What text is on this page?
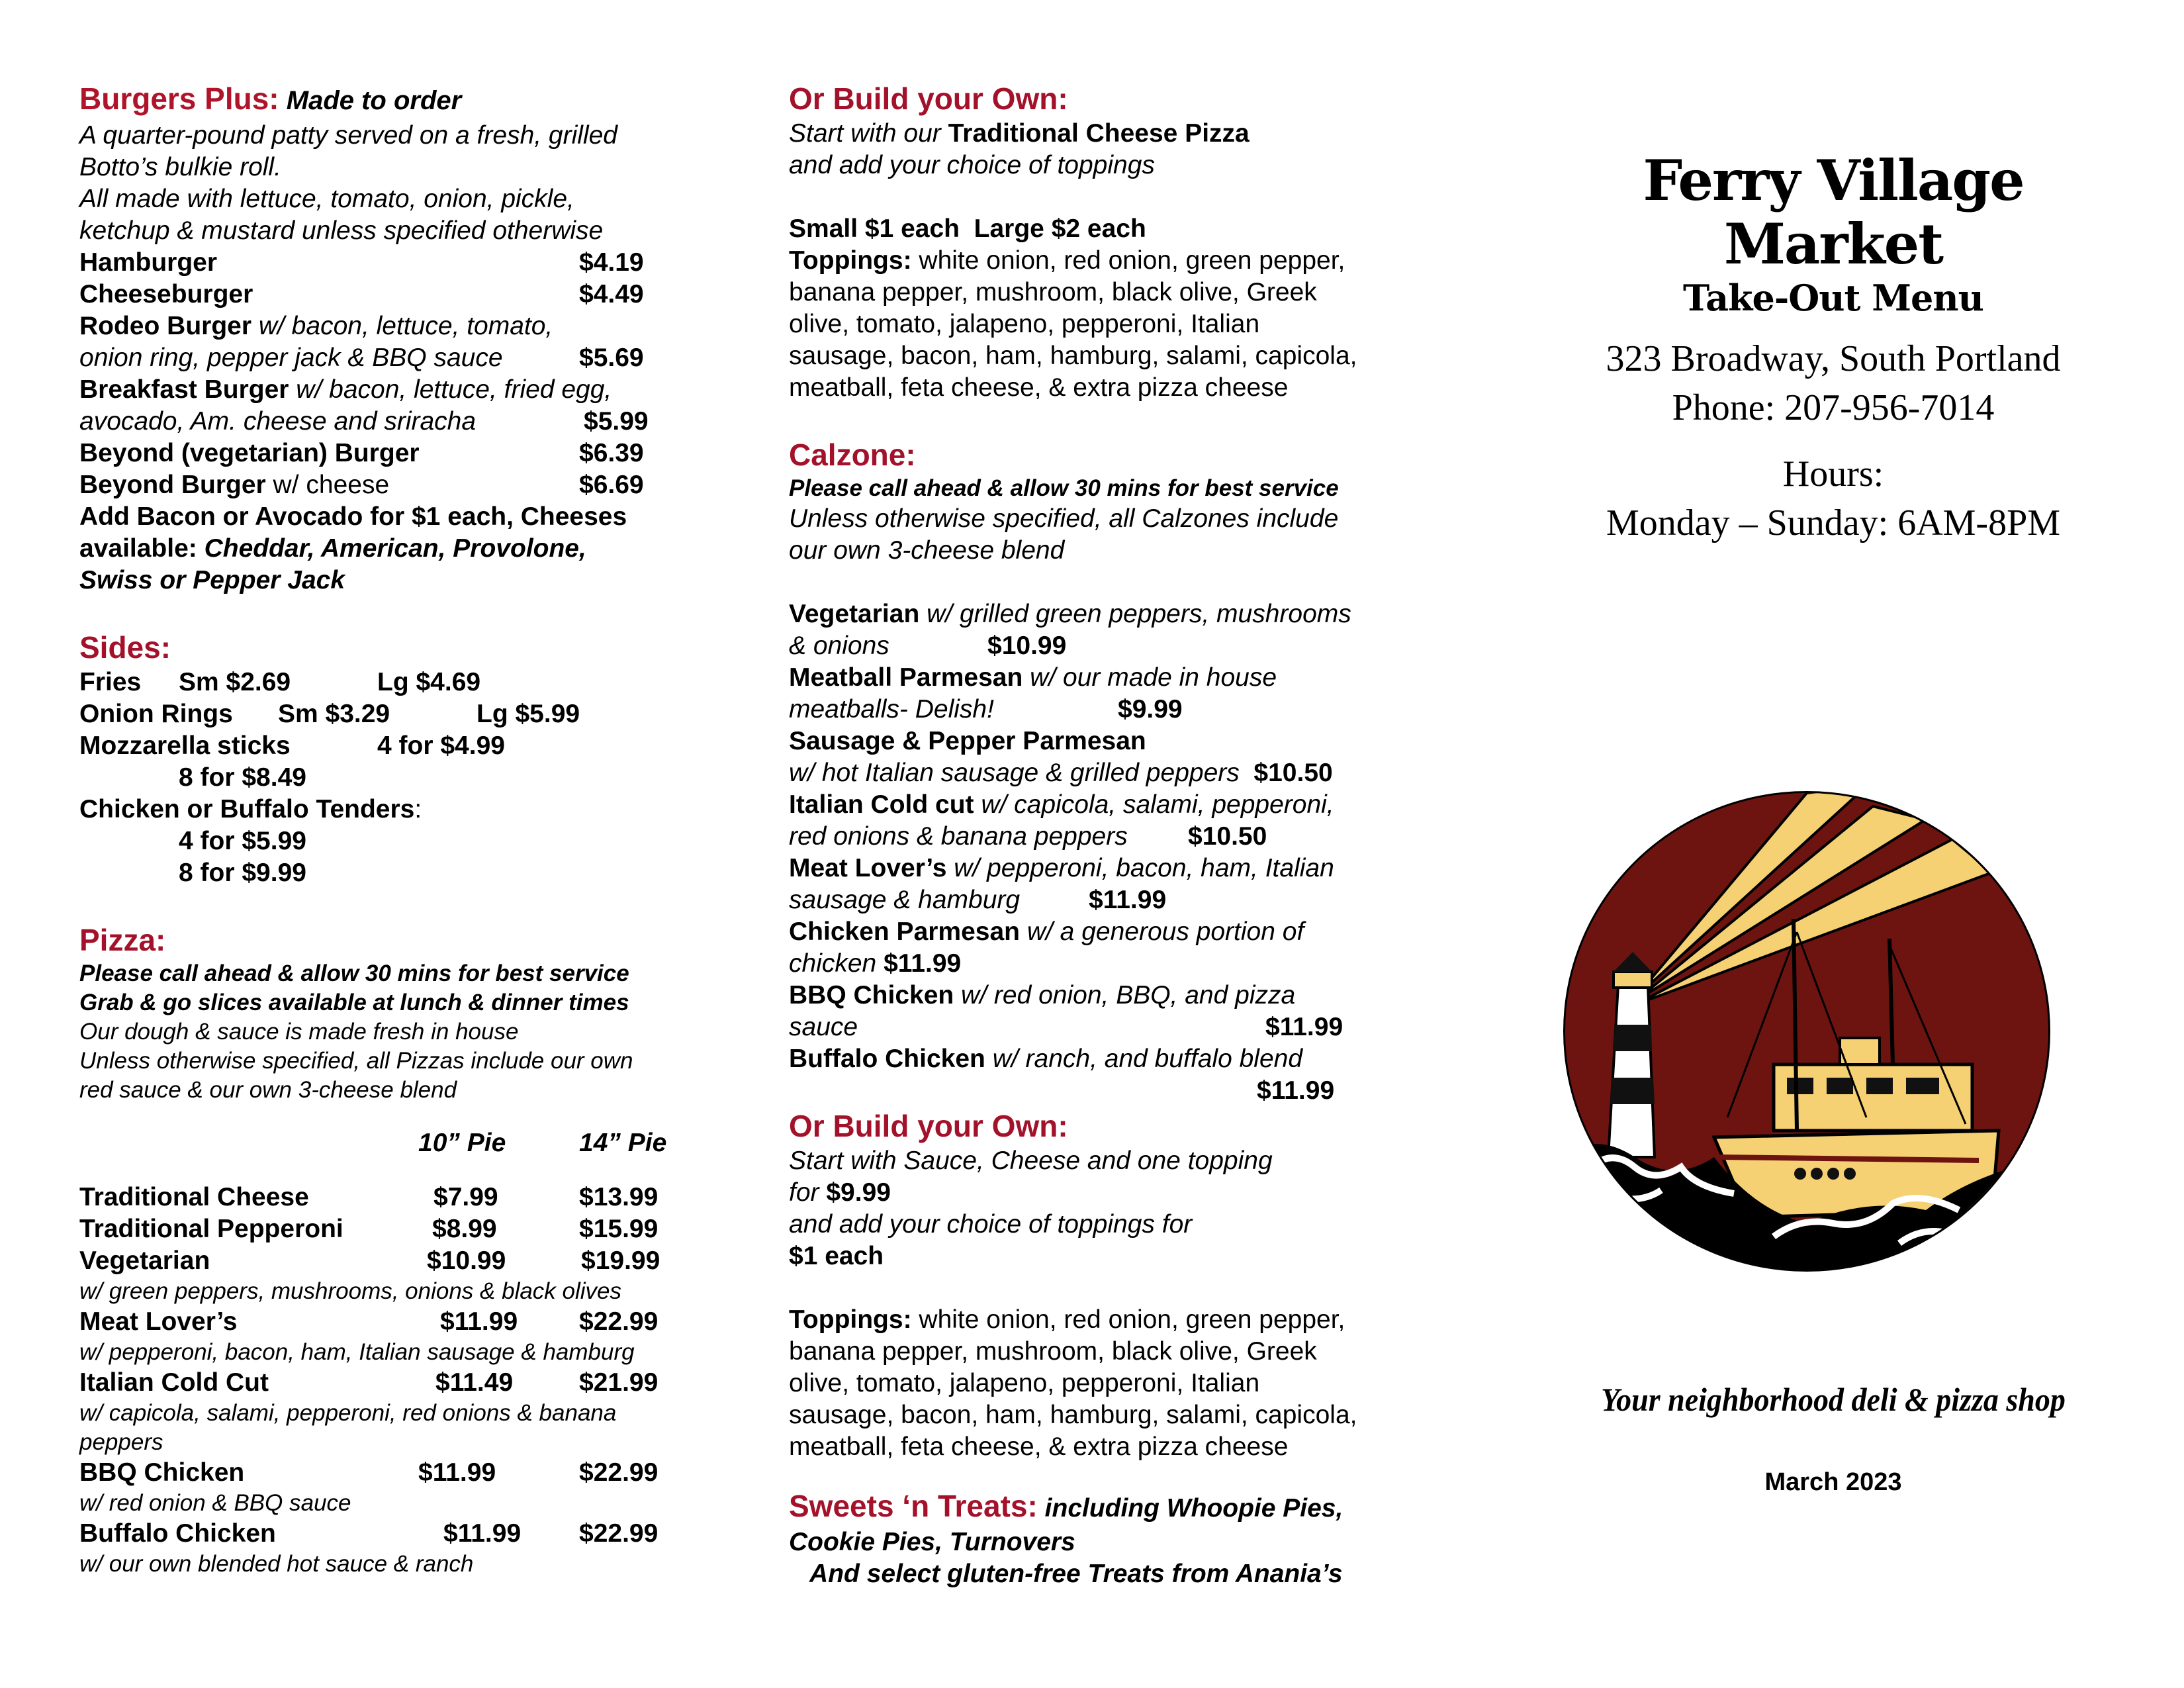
Burgers Plus: Made to order
A quarter-pound patty served on a fresh, grilled
Botto’s bulkie roll.
All made with lettuce, tomato, onion, pickle,
ketchup & mustard unless specified otherwise
Hamburger	$4.19
Cheeseburger	$4.49
Rodeo Burger w/ bacon, lettuce, tomato,
onion ring, pepper jack & BBQ sauce	$5.69
Breakfast Burger w/ bacon, lettuce, fried egg,
avocado, Am. cheese and sriracha	$5.99
Beyond (vegetarian) Burger	$6.39
Beyond Burger w/ cheese	$6.69
Add Bacon or Avocado for $1 each, Cheeses
available: Cheddar, American, Provolone,
Swiss or Pepper Jack
Sides:
Fries Sm $2.69	Lg $4.69
Onion Rings Sm $3.29	Lg $5.99
Mozzarella sticks	4 for $4.99
8 for $8.49
Chicken or Buffalo Tenders:
4 for $5.99
8 for $9.99
Pizza:
Please call ahead & allow 30 mins for best service
Grab & go slices available at lunch & dinner times
Our dough & sauce is made fresh in house
Unless otherwise specified, all Pizzas include our own
red sauce & our own 3-cheese blend
10” Pie	14” Pie
Traditional Cheese	$7.99	$13.99
Traditional Pepperoni	$8.99	$15.99
Vegetarian	$10.99	$19.99
w/ green peppers, mushrooms, onions & black olives
Meat Lover’s	$11.99 $22.99
w/ pepperoni, bacon, ham, Italian sausage & hamburg
Italian Cold Cut	$11.49	$21.99
w/ capicola, salami, pepperoni, red onions & banana
peppers
BBQ Chicken	$11.99	$22.99
w/ red onion & BBQ sauce
Buffalo Chicken	$11.99 $22.99
w/ our own blended hot sauce & ranch
Or Build your Own:
Start with our Traditional Cheese Pizza
and add your choice of toppings
Small $1 each  Large $2 each
Toppings: white onion, red onion, green pepper,
banana pepper, mushroom, black olive, Greek
olive, tomato, jalapeno, pepperoni, Italian
sausage, bacon, ham, hamburg, salami, capicola,
meatball, feta cheese, & extra pizza cheese
Calzone:
Please call ahead & allow 30 mins for best service
Unless otherwise specified, all Calzones include
our own 3-cheese blend
Vegetarian w/ grilled green peppers, mushrooms
& onions	$10.99
Meatball Parmesan w/ our made in house
meatballs- Delish!	$9.99
Sausage & Pepper Parmesan
w/ hot Italian sausage & grilled peppers $10.50
Italian Cold cut w/ capicola, salami, pepperoni,
red onions & banana peppers $10.50
Meat Lover’s w/ pepperoni, bacon, ham, Italian
sausage & hamburg	$11.99
Chicken Parmesan w/ a generous portion of
chicken $11.99
BBQ Chicken w/ red onion, BBQ, and pizza
sauce	$11.99
Buffalo Chicken w/ ranch, and buffalo blend
$11.99
Or Build your Own:
Start with Sauce, Cheese and one topping
for $9.99
and add your choice of toppings for
$1 each
Toppings: white onion, red onion, green pepper,
banana pepper, mushroom, black olive, Greek
olive, tomato, jalapeno, pepperoni, Italian
sausage, bacon, ham, hamburg, salami, capicola,
meatball, feta cheese, & extra pizza cheese
Sweets ‘n Treats: including Whoopie Pies,
Cookie Pies, Turnovers
And select gluten-free Treats from Anania’s
Ferry Village
Market
Take-Out Menu
323 Broadway, South Portland
Phone: 207-956-7014
Hours:
Monday – Sunday: 6AM-8PM
Your neighborhood deli & pizza shop
March 2023
